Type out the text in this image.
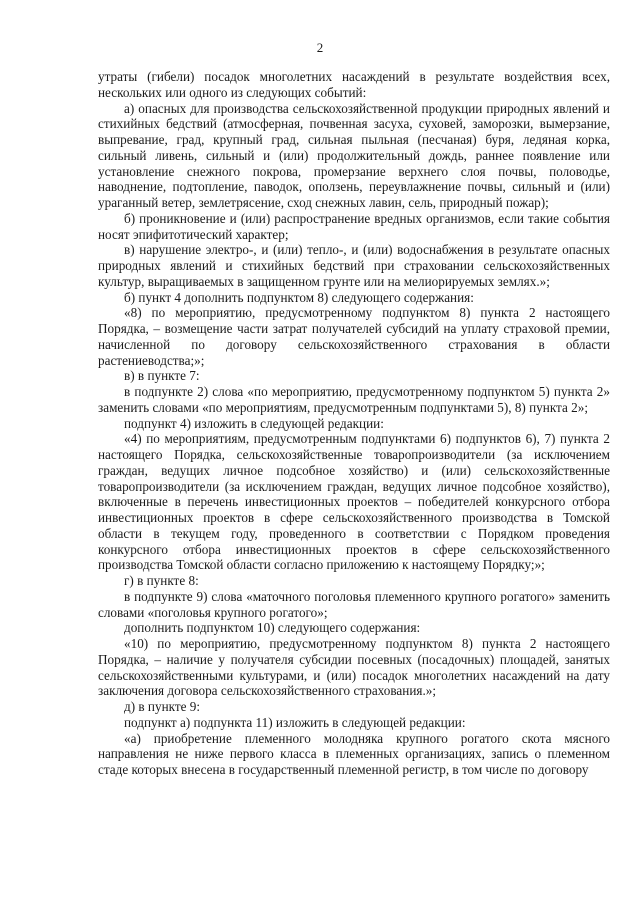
2

утраты (гибели) посадок многолетних насаждений в результате воздействия всех, нескольких или одного из следующих событий:

а) опасных для производства сельскохозяйственной продукции природных явлений и стихийных бедствий (атмосферная, почвенная засуха, суховей, заморозки, вымерзание, выпревание, град, крупный град, сильная пыльная (песчаная) буря, ледяная корка, сильный ливень, сильный и (или) продолжительный дождь, раннее появление или установление снежного покрова, промерзание верхнего слоя почвы, половодье, наводнение, подтопление, паводок, оползень, переувлажнение почвы, сильный и (или) ураганный ветер, землетрясение, сход снежных лавин, сель, природный пожар);

б) проникновение и (или) распространение вредных организмов, если такие события носят эпифитотический характер;

в) нарушение электро-, и (или) тепло-, и (или) водоснабжения в результате опасных природных явлений и стихийных бедствий при страховании сельскохозяйственных культур, выращиваемых в защищенном грунте или на мелиорируемых землях.»;

б) пункт 4 дополнить подпунктом 8) следующего содержания:

«8) по мероприятию, предусмотренному подпунктом 8) пункта 2 настоящего Порядка, – возмещение части затрат получателей субсидий на уплату страховой премии, начисленной по договору сельскохозяйственного страхования в области растениеводства;»;

в) в пункте 7:

в подпункте 2) слова «по мероприятию, предусмотренному подпунктом 5) пункта 2» заменить словами «по мероприятиям, предусмотренным подпунктами 5), 8) пункта 2»;

подпункт 4) изложить в следующей редакции:

«4) по мероприятиям, предусмотренным подпунктами 6) подпунктов 6), 7) пункта 2 настоящего Порядка, сельскохозяйственные товаропроизводители (за исключением граждан, ведущих личное подсобное хозяйство) и (или) сельскохозяйственные товаропроизводители (за исключением граждан, ведущих личное подсобное хозяйство), включенные в перечень инвестиционных проектов – победителей конкурсного отбора инвестиционных проектов в сфере сельскохозяйственного производства в Томской области в текущем году, проведенного в соответствии с Порядком проведения конкурсного отбора инвестиционных проектов в сфере сельскохозяйственного производства Томской области согласно приложению к настоящему Порядку;»;

г) в пункте 8:

в подпункте 9) слова «маточного поголовья племенного крупного рогатого» заменить словами «поголовья крупного рогатого»;

дополнить подпунктом 10) следующего содержания:

«10) по мероприятию, предусмотренному подпунктом 8) пункта 2 настоящего Порядка, – наличие у получателя субсидии посевных (посадочных) площадей, занятых сельскохозяйственными культурами, и (или) посадок многолетних насаждений на дату заключения договора сельскохозяйственного страхования.»;

д) в пункте 9:

подпункт а) подпункта 11) изложить в следующей редакции:

«а) приобретение племенного молодняка крупного рогатого скота мясного направления не ниже первого класса в племенных организациях, запись о племенном стаде которых внесена в государственный племенной регистр, в том числе по договору
